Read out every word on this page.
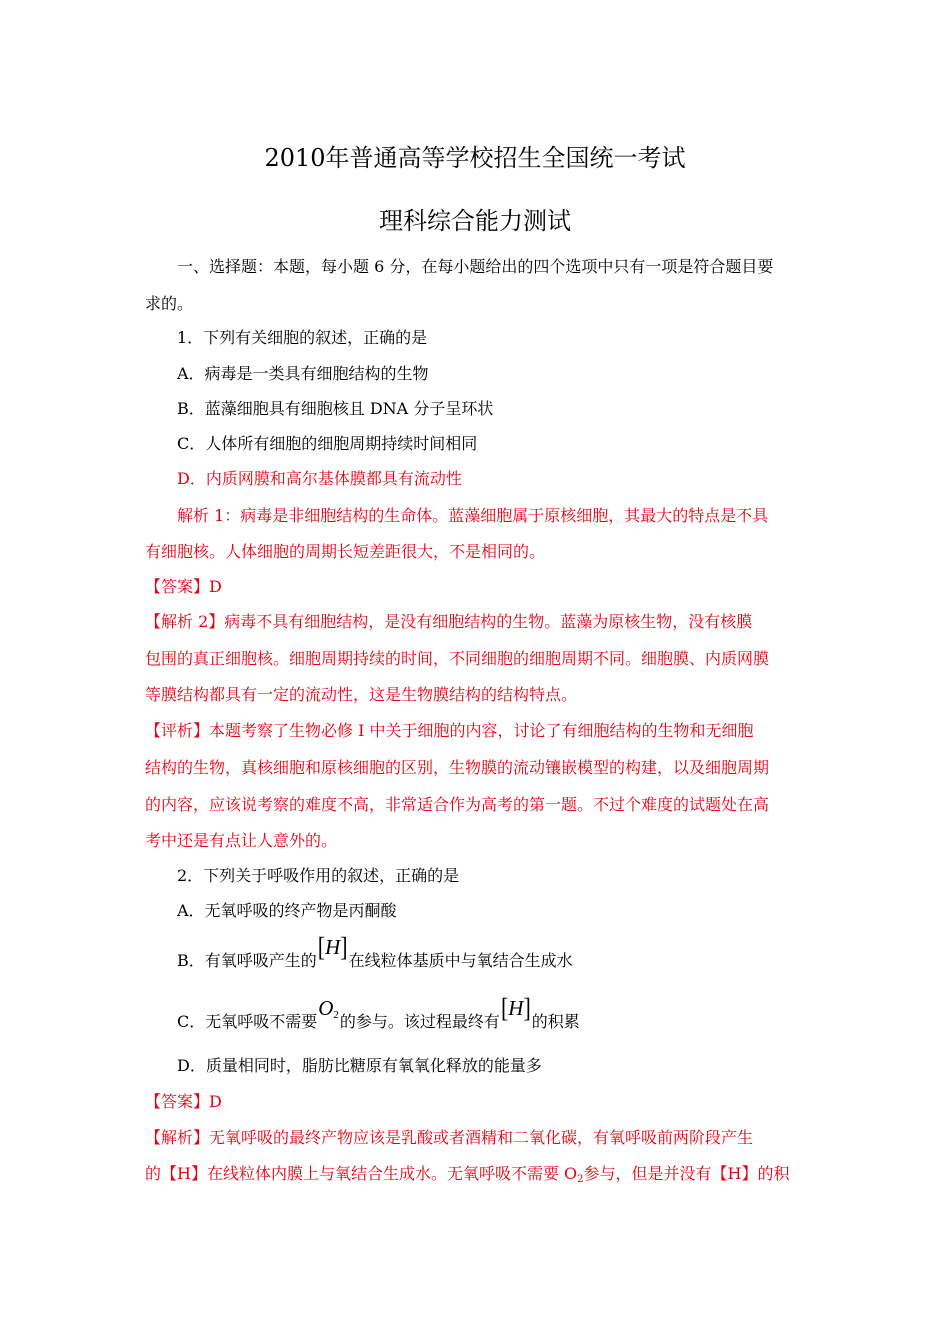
2010年普通高等学校招生全国统一考试
理科综合能力测试
一、选择题：本题，每小题 6 分，在每小题给出的四个选项中只有一项是符合题目要
求的。
1．下列有关细胞的叙述，正确的是
A．病毒是一类具有细胞结构的生物
B．蓝藻细胞具有细胞核且 DNA 分子呈环状
C．人体所有细胞的细胞周期持续时间相同
D．内质网膜和高尔基体膜都具有流动性
解析 1：病毒是非细胞结构的生命体。蓝藻细胞属于原核细胞，其最大的特点是不具
有细胞核。人体细胞的周期长短差距很大，不是相同的。
【答案】D
【解析 2】病毒不具有细胞结构，是没有细胞结构的生物。蓝藻为原核生物，没有核膜
包围的真正细胞核。细胞周期持续的时间，不同细胞的细胞周期不同。细胞膜、内质网膜
等膜结构都具有一定的流动性，这是生物膜结构的结构特点。
【评析】本题考察了生物必修 I 中关于细胞的内容，讨论了有细胞结构的生物和无细胞
结构的生物，真核细胞和原核细胞的区别，生物膜的流动镶嵌模型的构建，以及细胞周期
的内容，应该说考察的难度不高，非常适合作为高考的第一题。不过个难度的试题处在高
考中还是有点让人意外的。
2．下列关于呼吸作用的叙述，正确的是
A．无氧呼吸的终产物是丙酮酸
B．有氧呼吸产生的[H]在线粒体基质中与氧结合生成水
C．无氧呼吸不需要$O_2$的参与。该过程最终有[H]的积累
D．质量相同时，脂肪比糖原有氧氧化释放的能量多
【答案】D
【解析】无氧呼吸的最终产物应该是乳酸或者酒精和二氧化碳，有氧呼吸前两阶段产生
的【H】在线粒体内膜上与氧结合生成水。无氧呼吸不需要 O2参与，但是并没有【H】的积
